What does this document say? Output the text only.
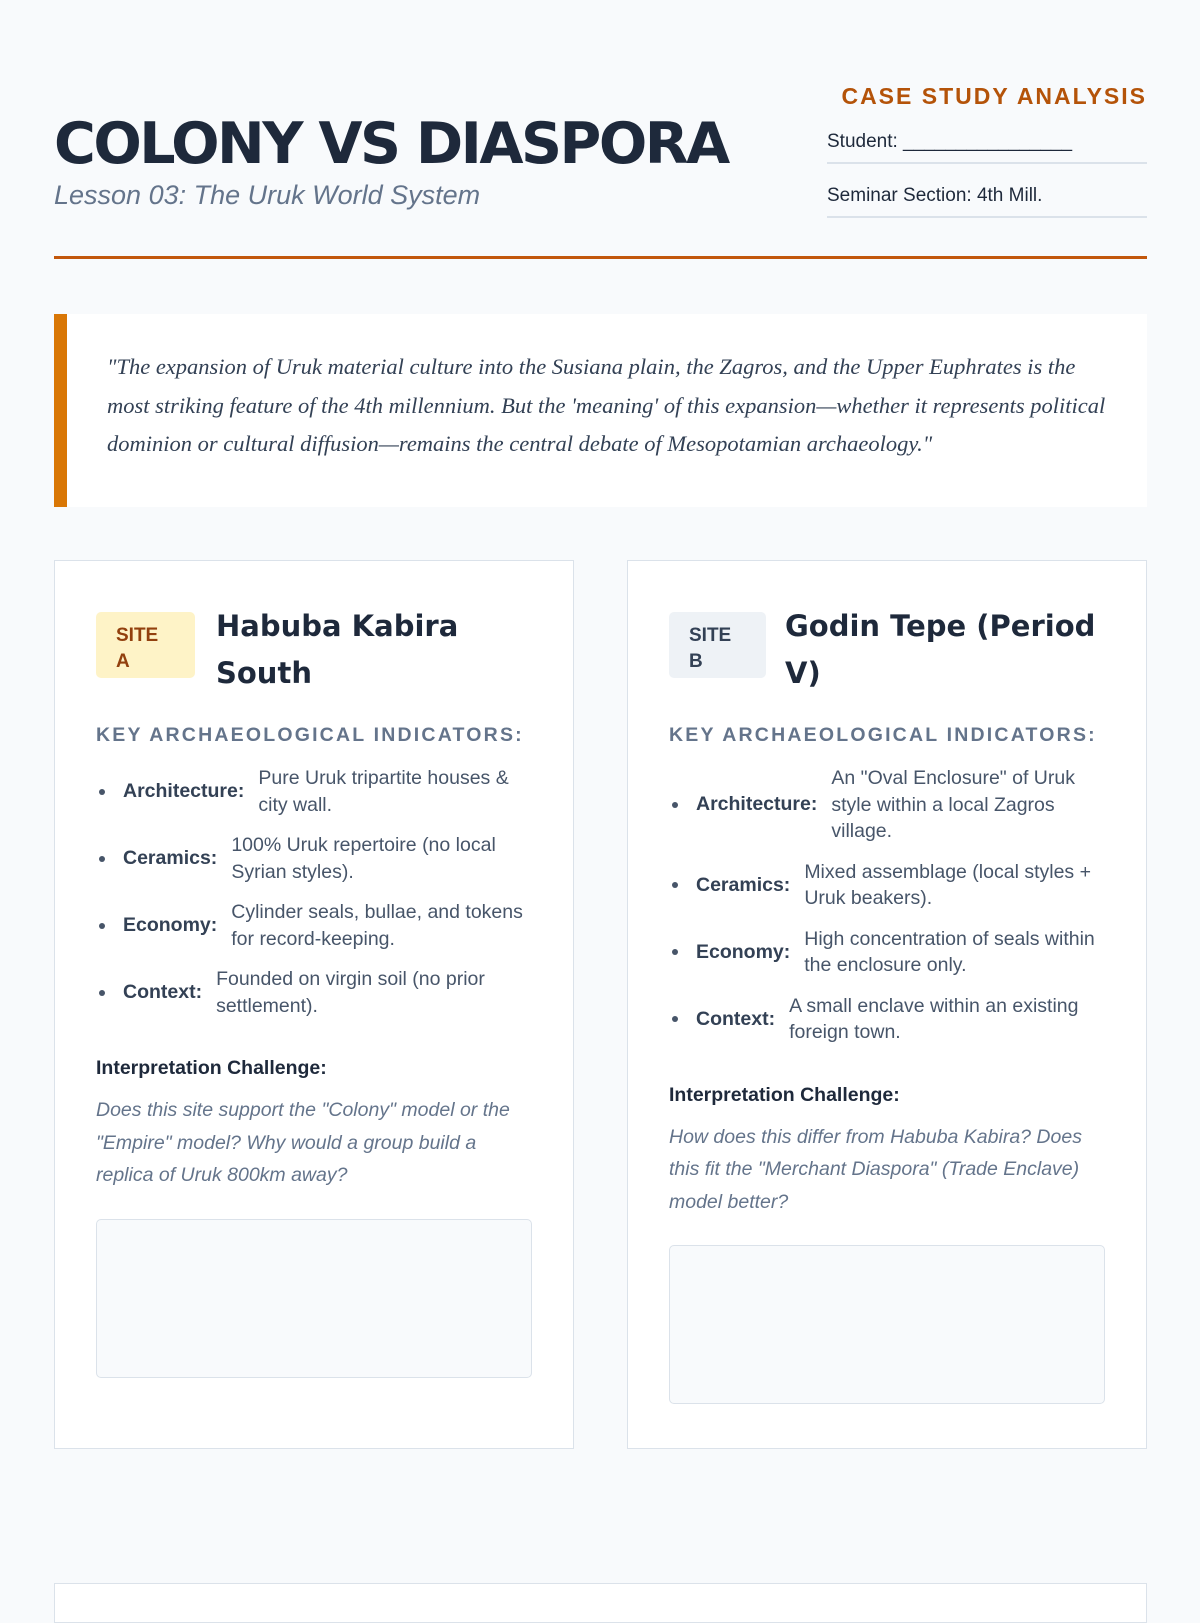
COLONY VS DIASPORA
Lesson 03: The Uruk World System
CASE STUDY ANALYSIS
Student: ________________
Seminar Section: 4th Mill.
"The expansion of Uruk material culture into the Susiana plain, the Zagros, and the Upper Euphrates is the most striking feature of the 4th millennium. But the 'meaning' of this expansion—whether it represents political dominion or cultural diffusion—remains the central debate of Mesopotamian archaeology."
SITE
A
Habuba Kabira South
KEY ARCHAEOLOGICAL INDICATORS:
Architecture:
Pure Uruk tripartite houses & city wall.
Ceramics:
100% Uruk repertoire (no local Syrian styles).
Economy:
Cylinder seals, bullae, and tokens for record-keeping.
Context:
Founded on virgin soil (no prior settlement).
Interpretation Challenge:
Does this site support the "Colony" model or the "Empire" model? Why would a group build a replica of Uruk 800km away?
SITE
B
Godin Tepe (Period V)
KEY ARCHAEOLOGICAL INDICATORS:
Architecture:
An "Oval Enclosure" of Uruk style within a local Zagros village.
Ceramics:
Mixed assemblage (local styles + Uruk beakers).
Economy:
High concentration of seals within the enclosure only.
Context:
A small enclave within an existing foreign town.
Interpretation Challenge:
How does this differ from Habuba Kabira? Does this fit the "Merchant Diaspora" (Trade Enclave) model better?
